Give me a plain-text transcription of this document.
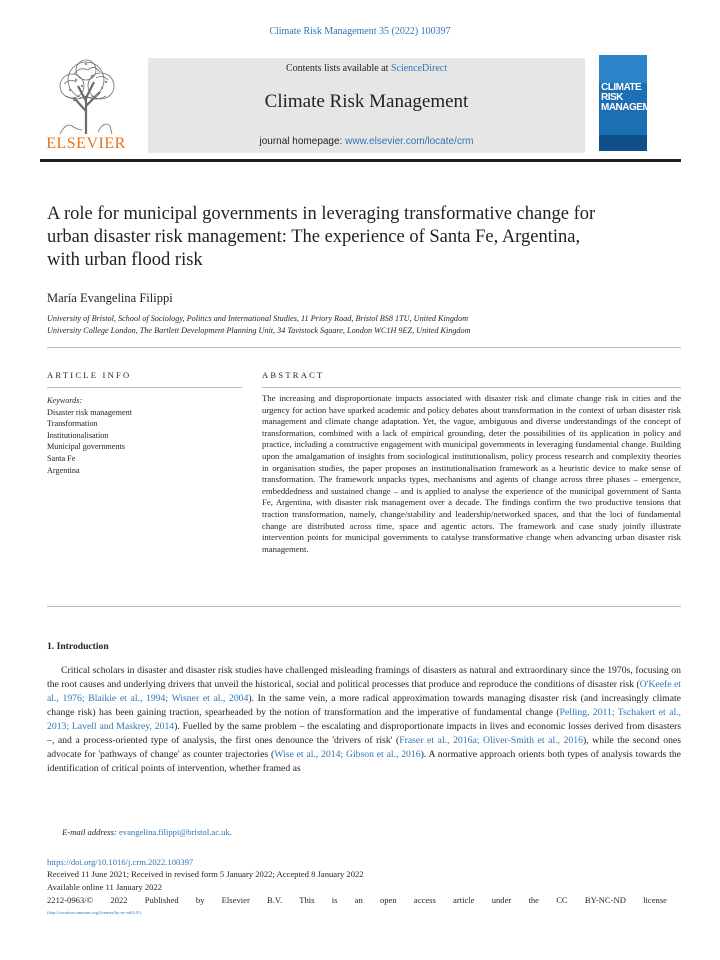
Climate Risk Management 35 (2022) 100397
ELSEVIER
Contents lists available at ScienceDirect
Climate Risk Management
journal homepage: www.elsevier.com/locate/crm
CLIMATE RISK MANAGEMENT
A role for municipal governments in leveraging transformative change for urban disaster risk management: The experience of Santa Fe, Argentina, with urban flood risk
María Evangelina Filippi
University of Bristol, School of Sociology, Politics and International Studies, 11 Priory Road, Bristol BS8 1TU, United Kingdom
University College London, The Bartlett Development Planning Unit, 34 Tavistock Square, London WC1H 9EZ, United Kingdom
ARTICLE INFO
Keywords:
Disaster risk management
Transformation
Institutionalisation
Municipal governments
Santa Fe
Argentina
ABSTRACT
The increasing and disproportionate impacts associated with disaster risk and climate change risk in cities and the urgency for action have sparked academic and policy debates about transformation in the context of urban disaster risk management and climate change adaptation. Yet, the vague, ambiguous and diverse understandings of the concept of transformation, combined with a lack of empirical grounding, deter the possibilities of its application in policy and practice, including a constructive engagement with municipal governments in leveraging fundamental change. Building upon the amalgamation of insights from sociological institutionalism, policy process research and complexity theories in organisation studies, the paper proposes an institutionalisation framework as a heuristic device to make sense of transformation. The framework unpacks types, mechanisms and agents of change across three phases – emergence, embeddedness and sustained change – and is applied to analyse the experience of the municipal government of Santa Fe, Argentina, with disaster risk management over a decade. The findings confirm the two productive tensions that traction transformation, namely, change/stability and leadership/networked spaces, and that the loci of fundamental change are distributed across time, space and agentic actors. The framework and case study jointly illustrate intervention points for municipal governments to catalyse transformative change when advancing urban disaster risk management.
1. Introduction
Critical scholars in disaster and disaster risk studies have challenged misleading framings of disasters as natural and extraordinary since the 1970s, focusing on the root causes and underlying drivers that unveil the historical, social and political processes that produce and reproduce the conditions of disaster risk (O'Keefe et al., 1976; Blaikie et al., 1994; Wisner et al., 2004). In the same vein, a more radical approximation towards managing disaster risk (and increasingly climate change risk) has been gaining traction, spearheaded by the notion of transformation and the imperative of fundamental change (Pelling, 2011; Tschakert et al., 2013; Lavell and Maskrey, 2014). Fuelled by the same problem – the escalating and disproportionate impacts in lives and economic losses derived from disasters –, and a process-oriented type of analysis, the first ones denounce the 'drivers of risk' (Fraser et al., 2016a; Oliver-Smith et al., 2016), while the second ones advocate for 'pathways of change' as counter trajectories (Wise et al., 2014; Gibson et al., 2016). A normative approach orients both types of analysis towards the identification of critical points of intervention, whether framed as
E-mail address: evangelina.filippi@bristol.ac.uk.
https://doi.org/10.1016/j.crm.2022.100397
Received 11 June 2021; Received in revised form 5 January 2022; Accepted 8 January 2022
Available online 11 January 2022
2212-0963/© 2022 Published by Elsevier B.V. This is an open access article under the CC BY-NC-ND license
(http://creativecommons.org/licenses/by-nc-nd/4.0/).
